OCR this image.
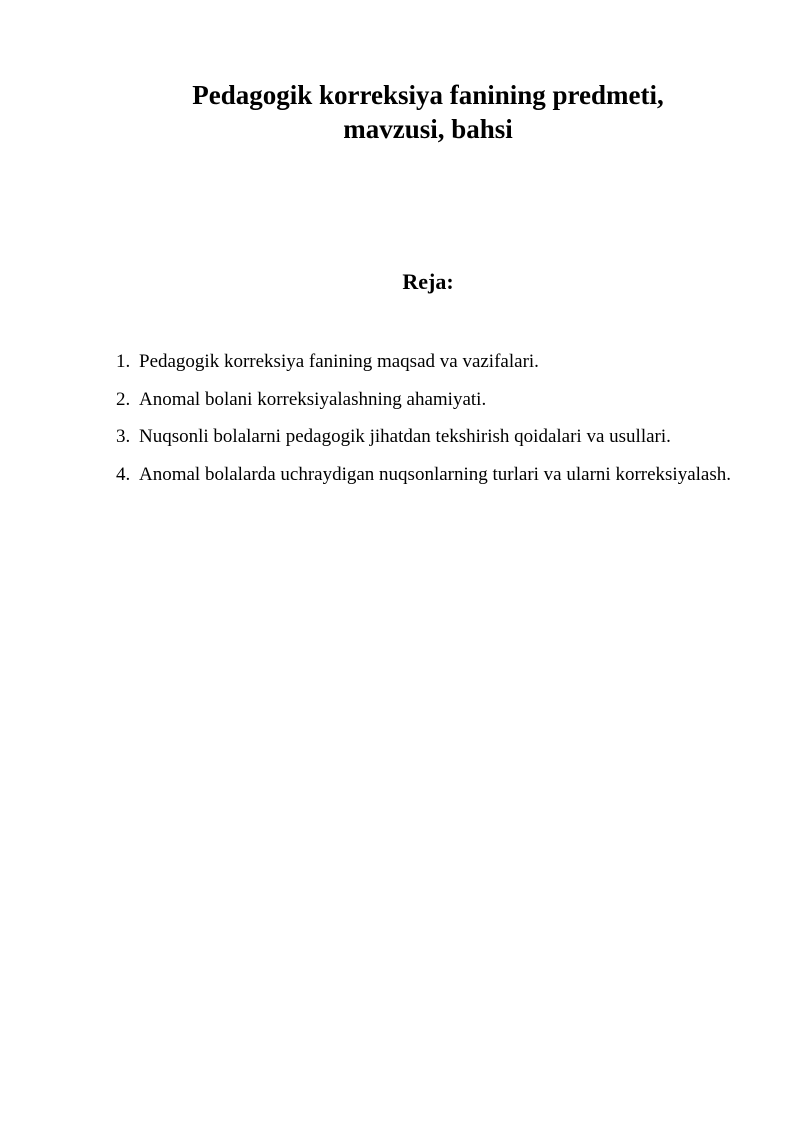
Pedagogik korreksiya fanining predmeti,
mavzusi, bahsi
Reja:
1. Pedagogik korreksiya fanining maqsad va vazifalari.
2. Anomal bolani korreksiyalashning ahamiyati.
3. Nuqsonli bolalarni pedagogik jihatdan tekshirish qoidalari va usullari.
4. Anomal bolalarda uchraydigan nuqsonlarning turlari va ularni korreksiyalash.
